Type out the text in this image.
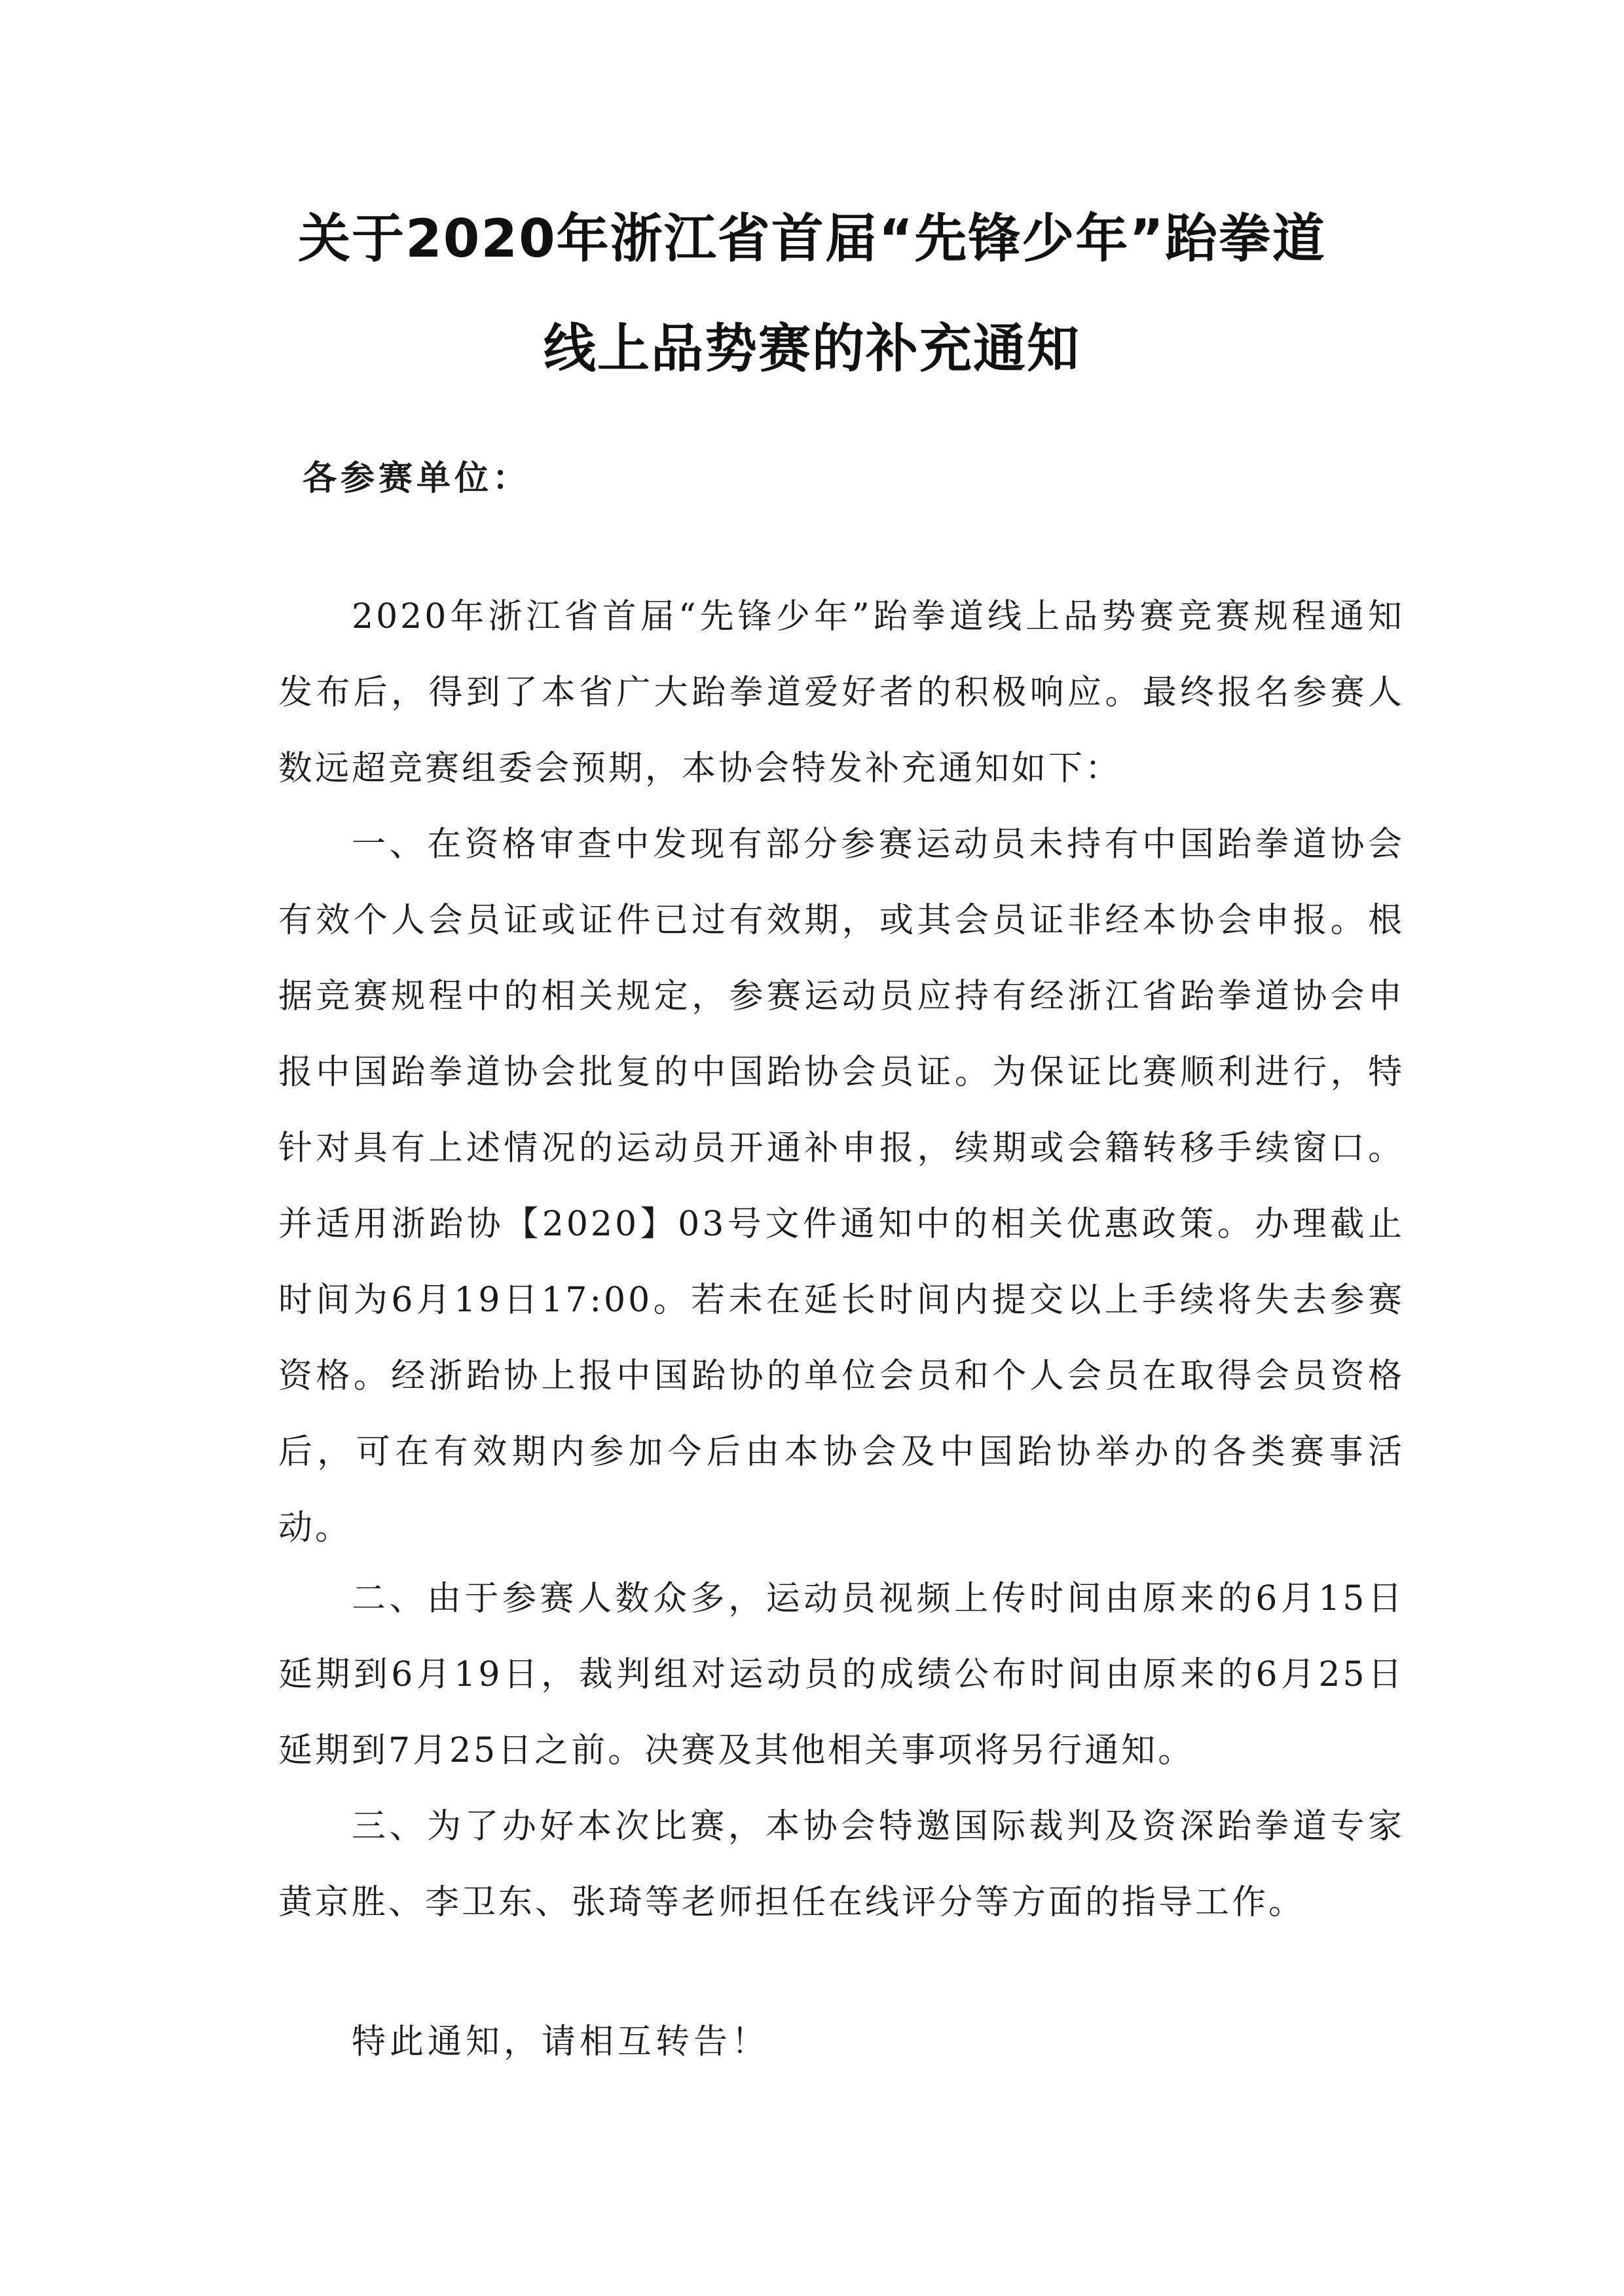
关于2020年浙江省首届“先锋少年”跆拳道
线上品势赛的补充通知
各参赛单位：

2020年浙江省首届“先锋少年”跆拳道线上品势赛竞赛规程通知发布后，得到了本省广大跆拳道爱好者的积极响应。最终报名参赛人数远超竞赛组委会预期，本协会特发补充通知如下：

一、在资格审查中发现有部分参赛运动员未持有中国跆拳道协会有效个人会员证或证件已过有效期，或其会员证非经本协会申报。根据竞赛规程中的相关规定，参赛运动员应持有经浙江省跆拳道协会申报中国跆拳道协会批复的中国跆协会员证。为保证比赛顺利进行，特针对具有上述情况的运动员开通补申报，续期或会籍转移手续窗口。并适用浙跆协【2020】03号文件通知中的相关优惠政策。办理截止时间为6月19日17:00。若未在延长时间内提交以上手续将失去参赛资格。经浙跆协上报中国跆协的单位会员和个人会员在取得会员资格后，可在有效期内参加今后由本协会及中国跆协举办的各类赛事活动。

二、由于参赛人数众多，运动员视频上传时间由原来的6月15日延期到6月19日，裁判组对运动员的成绩公布时间由原来的6月25日延期到7月25日之前。决赛及其他相关事项将另行通知。

三、为了办好本次比赛，本协会特邀国际裁判及资深跆拳道专家黄京胜、李卫东、张琦等老师担任在线评分等方面的指导工作。

特此通知，请相互转告！
